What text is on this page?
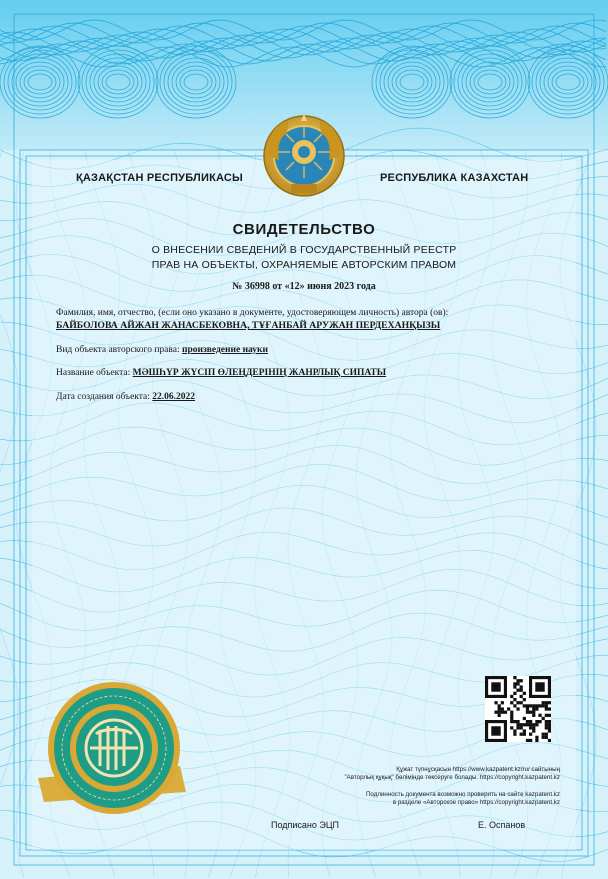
ҚАЗАҚСТАН РЕСПУБЛИКАСЫ	РЕСПУБЛИКА КАЗАХСТАН
СВИДЕТЕЛЬСТВО
О ВНЕСЕНИИ СВЕДЕНИЙ В ГОСУДАРСТВЕННЫЙ РЕЕСТР
ПРАВ НА ОБЪЕКТЫ, ОХРАНЯЕМЫЕ АВТОРСКИМ ПРАВОМ
№ 36998 от «12» июня 2023 года
Фамилия, имя, отчество, (если оно указано в документе, удостоверяющем личность) автора (ов):
БАЙБОЛОВА АЙЖАН ЖАНАСБЕКОВНА, ТҰҒАНБАЙ АРУЖАН ПЕРДЕХАНҚЫЗЫ
Вид объекта авторского права: произведение науки
Название объекта: МӘШҺҮР ЖҮСІП ӨЛЕҢДЕРІНІҢ ЖАНРЛЫҚ СИПАТЫ
Дата создания объекта: 22.06.2022
Құжат түпнұсқасын https://www.kazpatent.kz/ru/ сайтының
"Авторлық құқық" бөлімінде тексеруге болады. https://copyright.kazpatent.kz
Подлинность документа возможно проверить на сайте kazpatent.kz
в разделе «Авторское право» https://copyright.kazpatent.kz
Подписано ЭЦП	Е. Оспанов
